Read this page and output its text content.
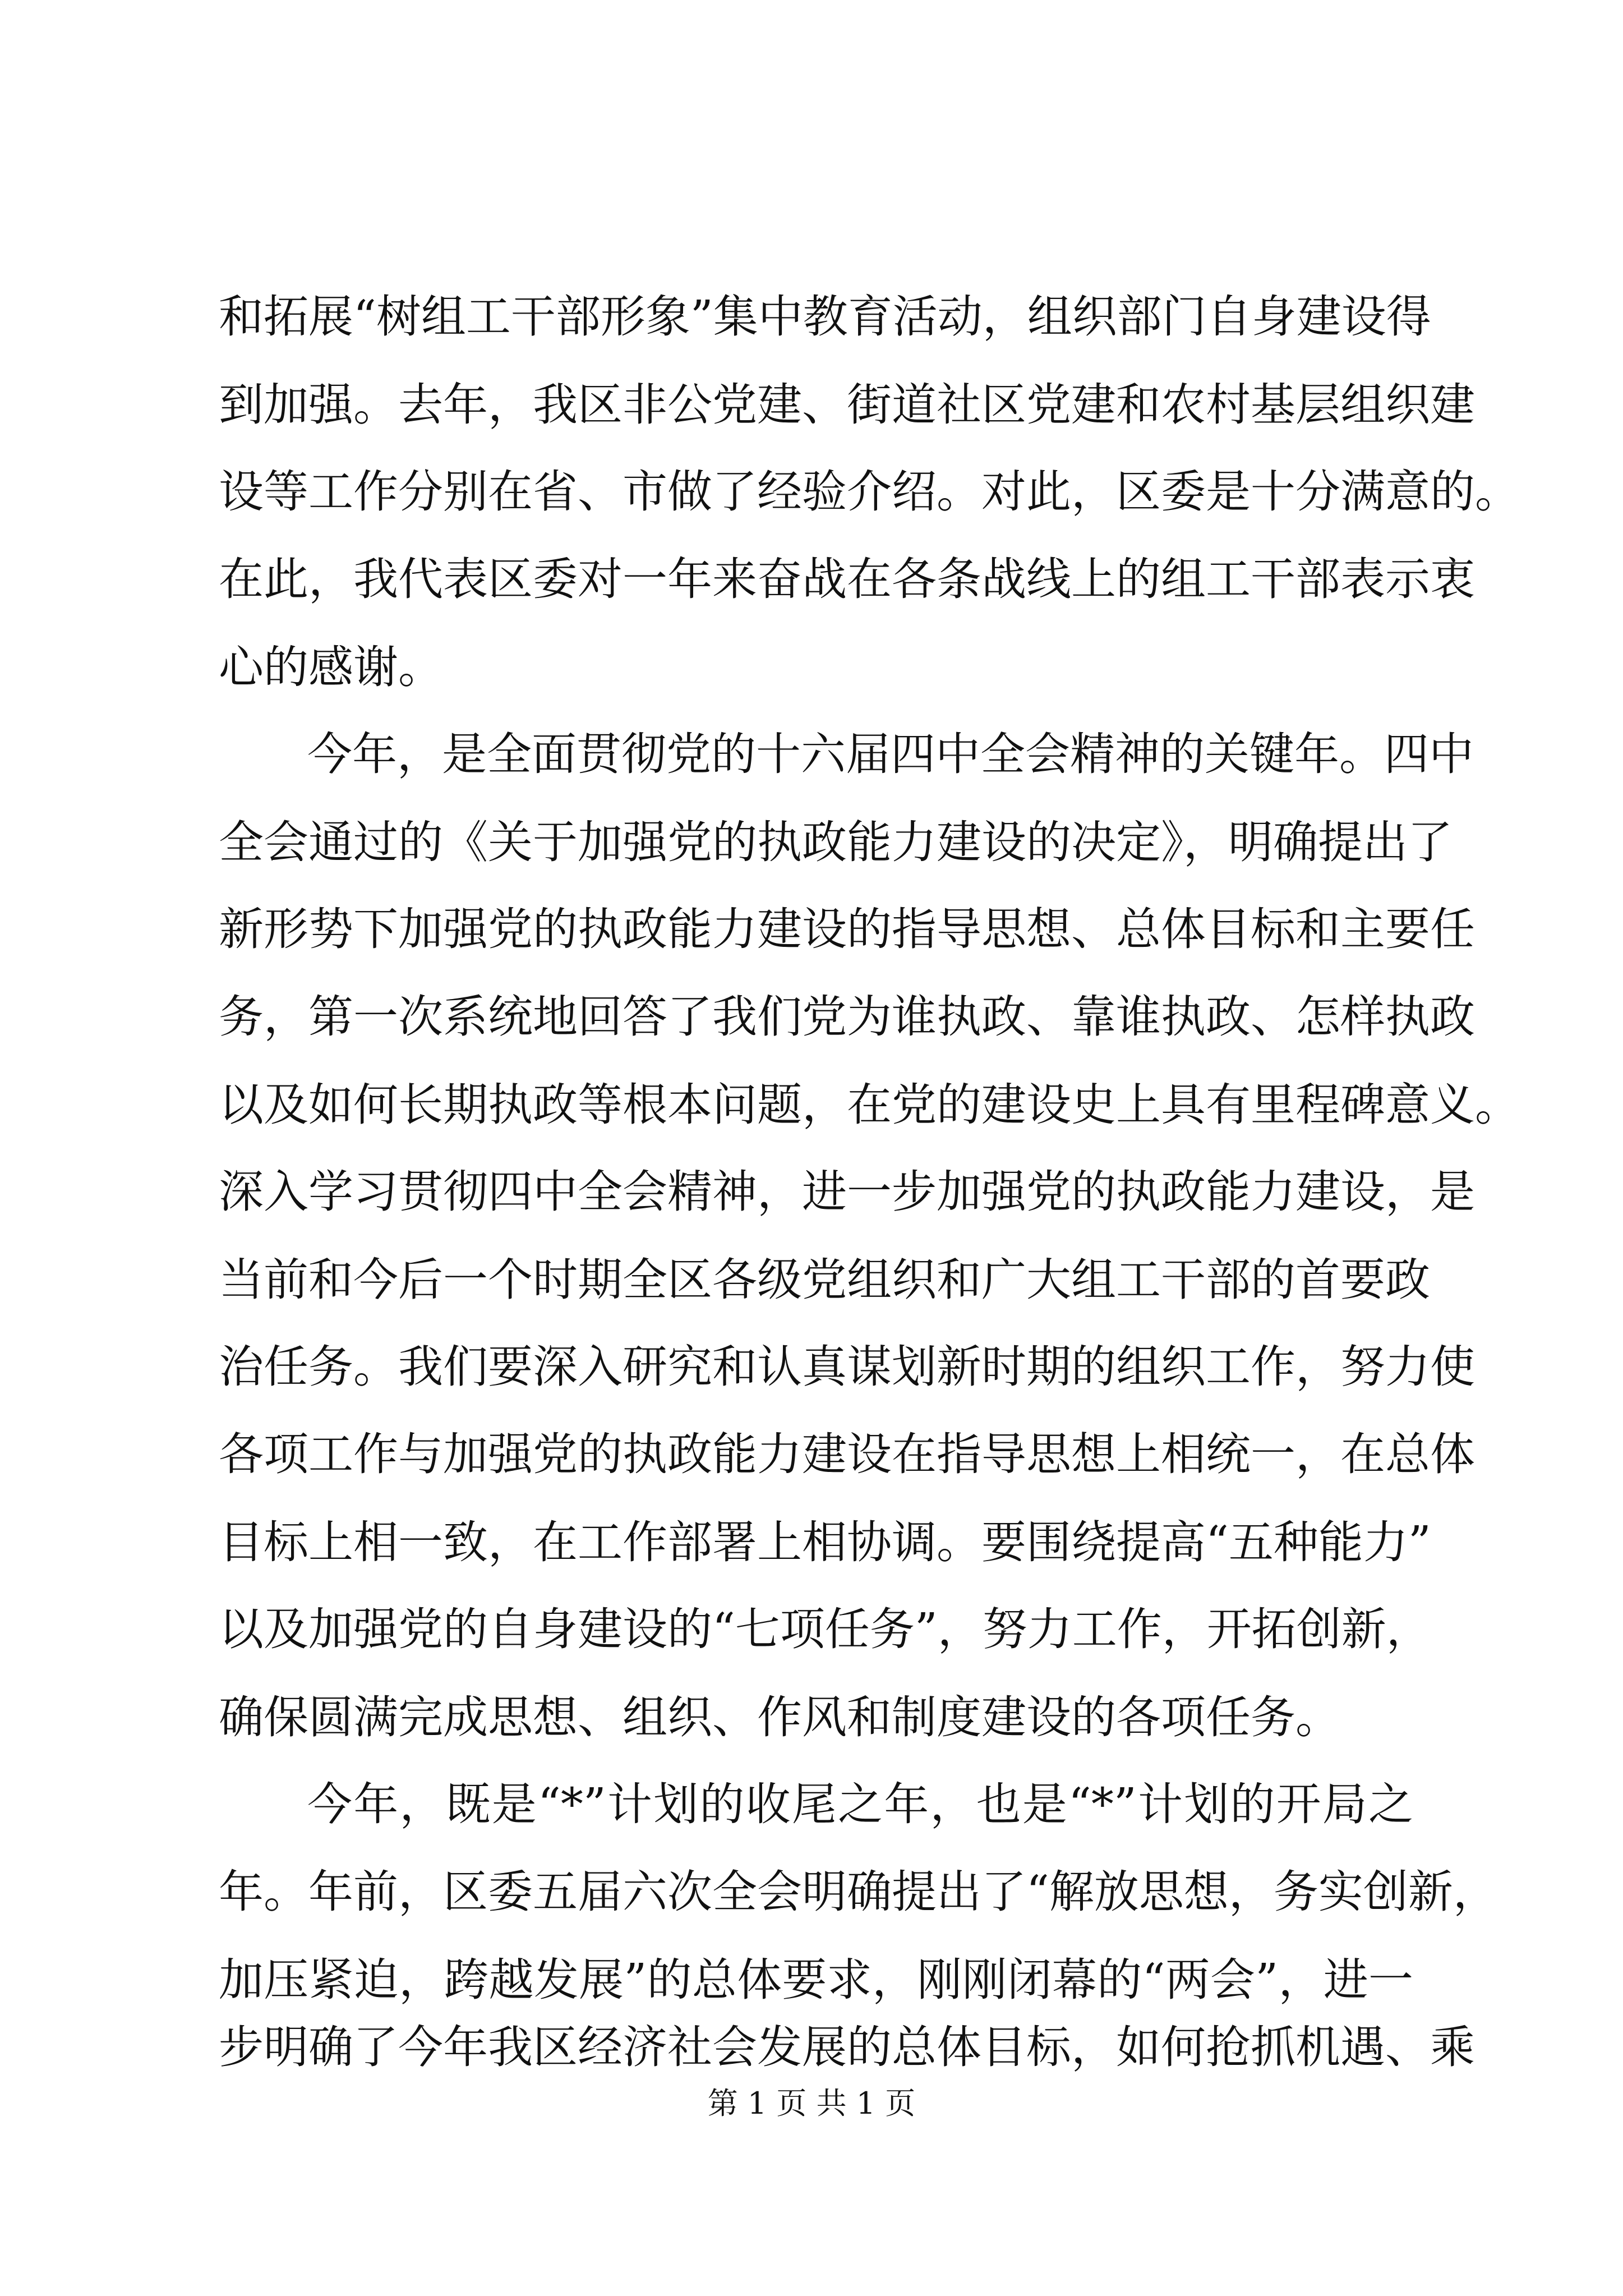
和拓展“树组工干部形象”集中教育活动，组织部门自身建设得
到加强。去年，我区非公党建、街道社区党建和农村基层组织建
设等工作分别在省、市做了经验介绍。对此，区委是十分满意的。
在此，我代表区委对一年来奋战在各条战线上的组工干部表示衷
心的感谢。
今年，是全面贯彻党的十六届四中全会精神的关键年。四中
全会通过的《关于加强党的执政能力建设的决定》，明确提出了
新形势下加强党的执政能力建设的指导思想、总体目标和主要任
务，第一次系统地回答了我们党为谁执政、靠谁执政、怎样执政
以及如何长期执政等根本问题，在党的建设史上具有里程碑意义。
深入学习贯彻四中全会精神，进一步加强党的执政能力建设，是
当前和今后一个时期全区各级党组织和广大组工干部的首要政
治任务。我们要深入研究和认真谋划新时期的组织工作，努力使
各项工作与加强党的执政能力建设在指导思想上相统一，在总体
目标上相一致，在工作部署上相协调。要围绕提高“五种能力”
以及加强党的自身建设的“七项任务”，努力工作，开拓创新，
确保圆满完成思想、组织、作风和制度建设的各项任务。
今年，既是“*”计划的收尾之年，也是“*”计划的开局之
年。年前，区委五届六次全会明确提出了“解放思想，务实创新，
加压紧迫，跨越发展”的总体要求，刚刚闭幕的“两会”，进一
步明确了今年我区经济社会发展的总体目标，如何抢抓机遇、乘
第 1 页 共 1 页
